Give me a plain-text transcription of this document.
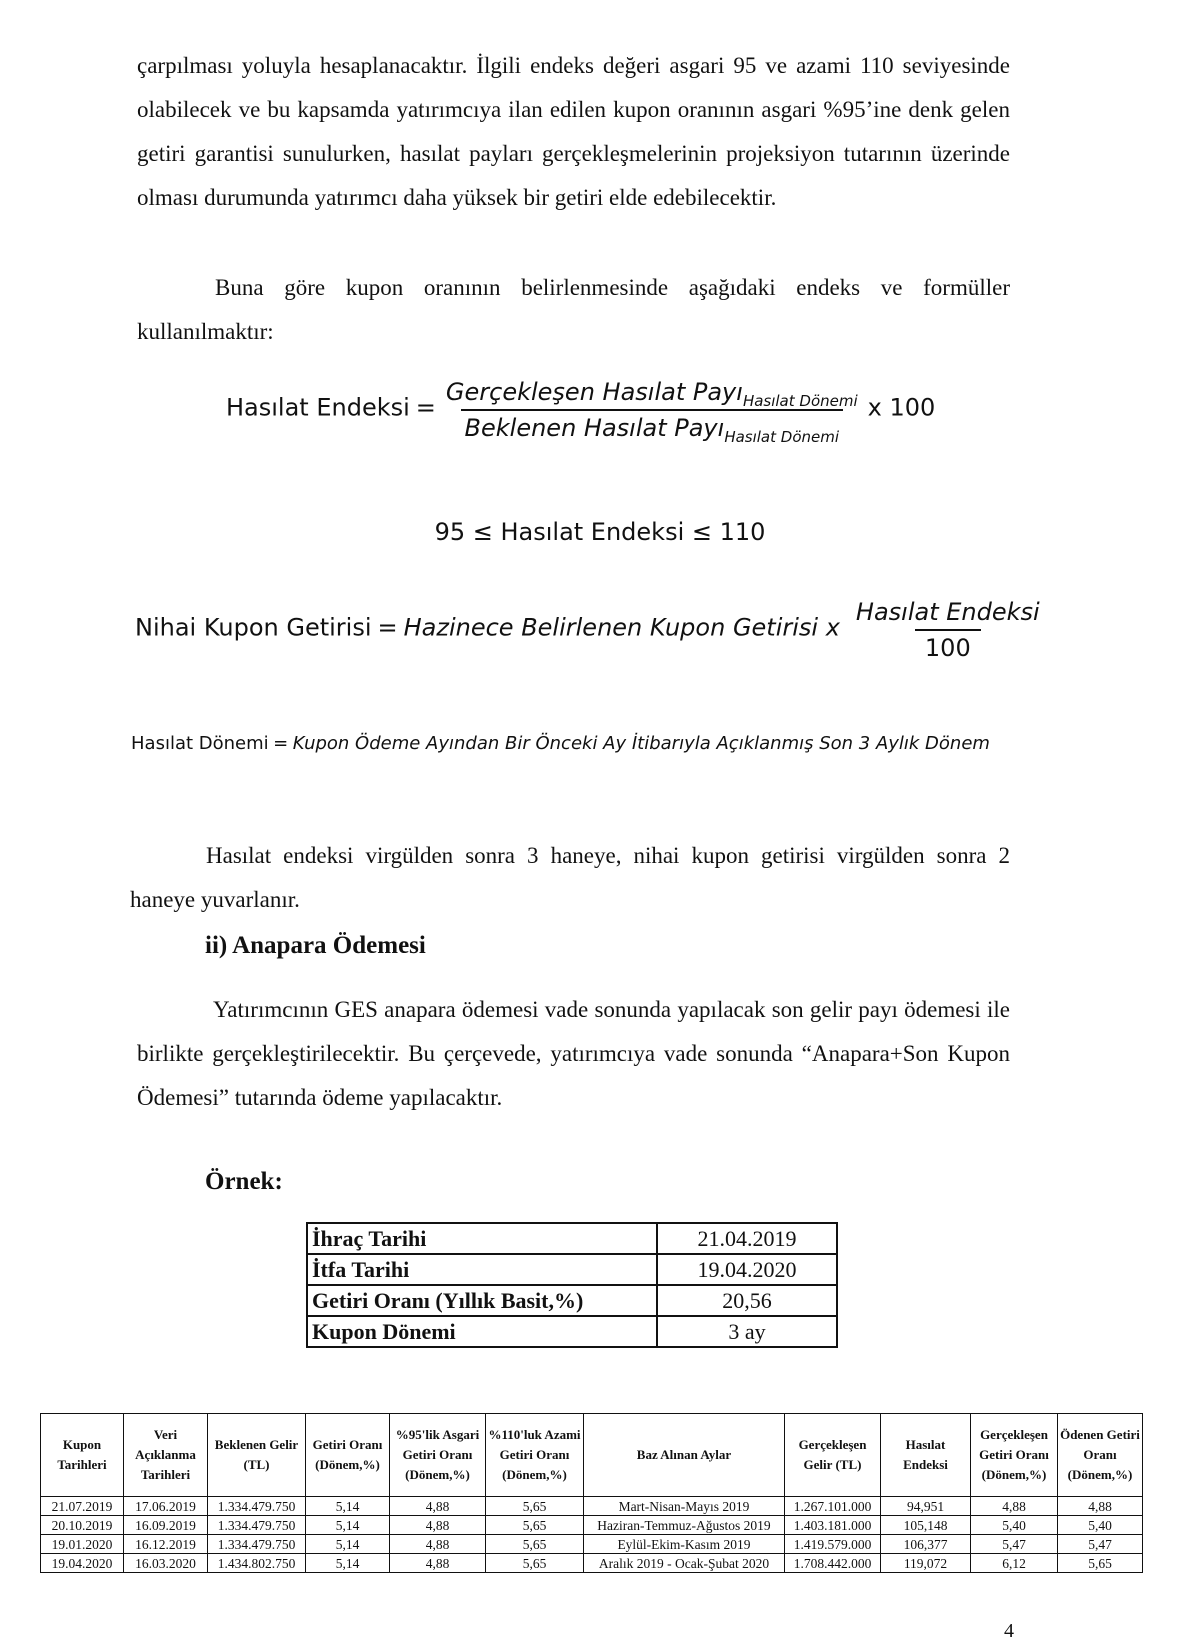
çarpılması yoluyla hesaplanacaktır. İlgili endeks değeri asgari 95 ve azami 110 seviyesinde olabilecek ve bu kapsamda yatırımcıya ilan edilen kupon oranının asgari %95’ine denk gelen getiri garantisi sunulurken, hasılat payları gerçekleşmelerinin projeksiyon tutarının üzerinde olması durumunda yatırımcı daha yüksek bir getiri elde edebilecektir.

Buna göre kupon oranının belirlenmesinde aşağıdaki endeks ve formüller kullanılmaktır:

Hasılat Endeksi = $\frac{Gerçekleşen Hasılat Payı_{Hasılat Dönemi}}{Beklenen Hasılat Payı_{Hasılat Dönemi}}$ x 100
95 ≤ Hasılat Endeksi ≤ 110
Nihai Kupon Getirisi = Hazinece Belirlenen Kupon Getirisi x $\frac{\text{Hasılat Endeksi}}{100}$
Hasılat Dönemi = Kupon Ödeme Ayından Bir Önceki Ay İtibarıyla Açıklanmış Son 3 Aylık Dönem

Hasılat endeksi virgülden sonra 3 haneye, nihai kupon getirisi virgülden sonra 2 haneye yuvarlanır.

ii) Anapara Ödemesi

Yatırımcının GES anapara ödemesi vade sonunda yapılacak son gelir payı ödemesi ile birlikte gerçekleştirilecektir. Bu çerçevede, yatırımcıya vade sonunda “Anapara+Son Kupon Ödemesi” tutarında ödeme yapılacaktır.

Örnek:
İhraç Tarihi	21.04.2019
İtfa Tarihi	19.04.2020
Getiri Oranı (Yıllık Basit,%)	20,56
Kupon Dönemi	3 ay
Kupon Tarihleri	Veri Açıklanma Tarihleri	Beklenen Gelir (TL)	Getiri Oranı (Dönem,%)	%95'lik Asgari Getiri Oranı (Dönem,%)	%110'luk Azami Getiri Oranı (Dönem,%)	Baz Alınan Aylar	Gerçekleşen Gelir (TL)	Hasılat Endeksi	Gerçekleşen Getiri Oranı (Dönem,%)	Ödenen Getiri Oranı (Dönem,%)
21.07.2019	17.06.2019	1.334.479.750	5,14	4,88	5,65	Mart-Nisan-Mayıs 2019	1.267.101.000	94,951	4,88	4,88
20.10.2019	16.09.2019	1.334.479.750	5,14	4,88	5,65	Haziran-Temmuz-Ağustos 2019	1.403.181.000	105,148	5,40	5,40
19.01.2020	16.12.2019	1.334.479.750	5,14	4,88	5,65	Eylül-Ekim-Kasım 2019	1.419.579.000	106,377	5,47	5,47
19.04.2020	16.03.2020	1.434.802.750	5,14	4,88	5,65	Aralık 2019 - Ocak-Şubat 2020	1.708.442.000	119,072	6,12	5,65
4
